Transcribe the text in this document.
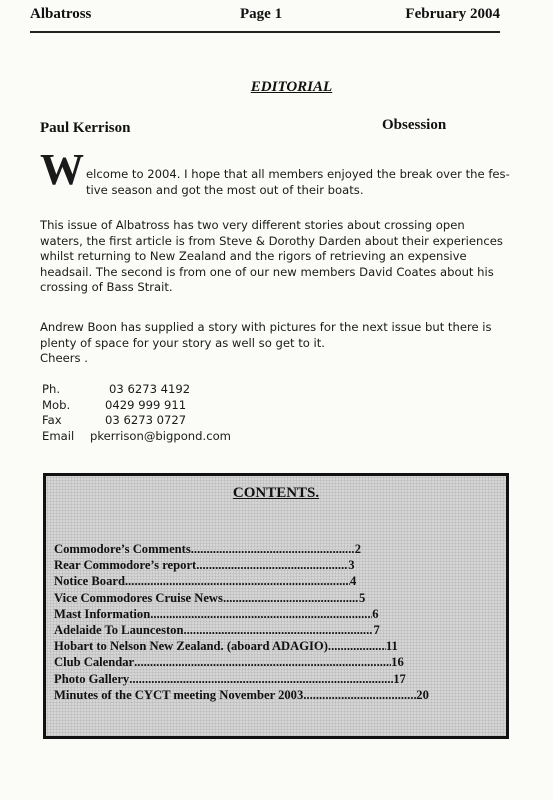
Albatross	Page 1	February 2004
EDITORIAL
Paul Kerrison	Obsession
W elcome to 2004. I hope that all members enjoyed the break over the fes- tive season and got the most out of their boats.
This issue of Albatross has two very different stories about crossing open waters, the first article is from Steve & Dorothy Darden about their experiences whilst returning to New Zealand and the rigors of retrieving an expensive headsail. The second is from one of our new members David Coates about his crossing of Bass Strait.
Andrew Boon has supplied a story with pictures for the next issue but there is plenty of space for your story as well so get to it.
Cheers .
Ph.	03 6273 4192
Mob.	0429 999 911
Fax	03 6273 0727
Email pkerrison@bigpond.com
CONTENTS.
Commodore’s Comments .....	2
Rear Commodore’s report .....	3
Notice Board .....	4
Vice Commodores Cruise News .....	5
Mast Information .....	6
Adelaide To Launceston .....	7
Hobart to Nelson New Zealand. (aboard ADAGIO) .....	11
Club Calendar .....	16
Photo Gallery .....	17
Minutes of the CYCT meeting November 2003 .....	20
